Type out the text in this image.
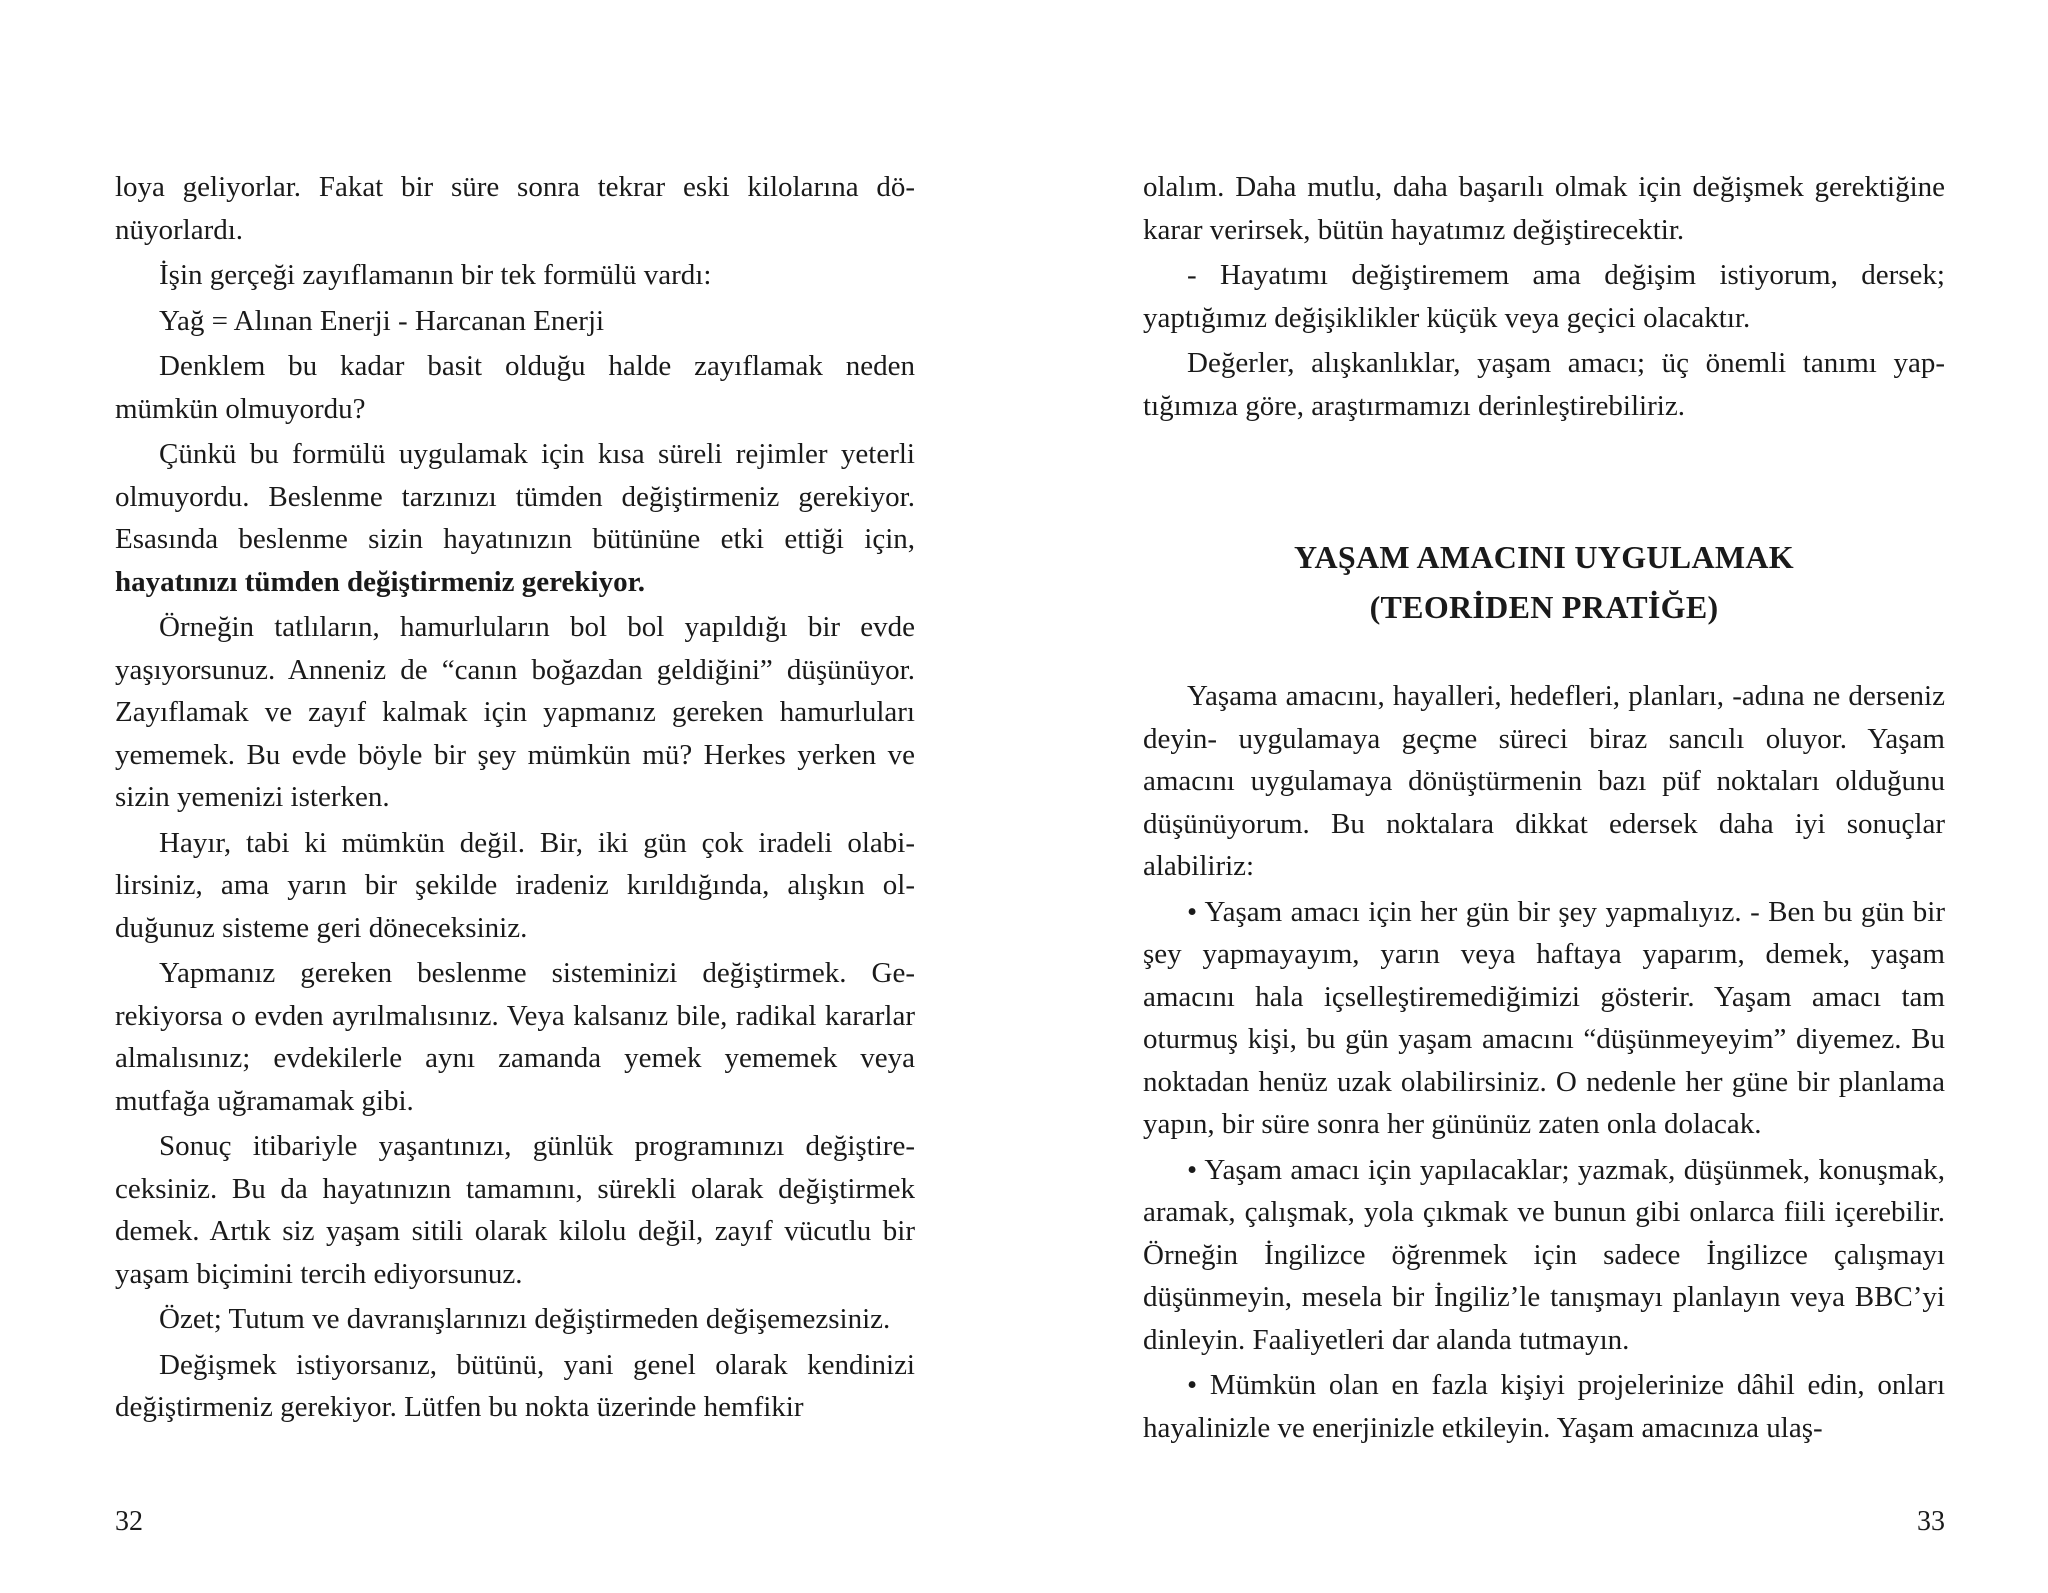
loya geliyorlar. Fakat bir süre sonra tekrar eski kilolarına dönüyorlardı.

İşin gerçeği zayıflamanın bir tek formülü vardı:

Yağ = Alınan Enerji - Harcanan Enerji

Denklem bu kadar basit olduğu halde zayıflamak neden mümkün olmuyordu?

Çünkü bu formülü uygulamak için kısa süreli rejimler yeterli olmuyordu. Beslenme tarzınızı tümden değiştirmeniz gerekiyor. Esasında beslenme sizin hayatınızın bütününe etki ettiği için, hayatınızı tümden değiştirmeniz gerekiyor.

Örneğin tatlıların, hamurluların bol bol yapıldığı bir evde yaşıyorsunuz. Anneniz de “canın boğazdan geldiğini” düşünüyor. Zayıflamak ve zayıf kalmak için yapmanız gereken hamurluları yememek. Bu evde böyle bir şey mümkün mü? Herkes yerken ve sizin yemenizi isterken.

Hayır, tabi ki mümkün değil. Bir, iki gün çok iradeli olabilirsiniz, ama yarın bir şekilde iradeniz kırıldığında, alışkın olduğunuz sisteme geri döneceksiniz.

Yapmanız gereken beslenme sisteminizi değiştirmek. Gerekiyorsa o evden ayrılmalısınız. Veya kalsanız bile, radikal kararlar almalısınız; evdekilerle aynı zamanda yemek yememek veya mutfağa uğramamak gibi.

Sonuç itibariyle yaşantınızı, günlük programınızı değiştireceksiniz. Bu da hayatınızın tamamını, sürekli olarak değiştirmek demek. Artık siz yaşam sitili olarak kilolu değil, zayıf vücutlu bir yaşam biçimini tercih ediyorsunuz.

Özet; Tutum ve davranışlarınızı değiştirmeden değişemezsiniz.

Değişmek istiyorsanız, bütünü, yani genel olarak kendinizi değiştirmeniz gerekiyor. Lütfen bu nokta üzerinde hemfikir

32

olalım. Daha mutlu, daha başarılı olmak için değişmek gerektiğine karar verirsek, bütün hayatımız değiştirecektir.

- Hayatımı değiştiremem ama değişim istiyorum, dersek; yaptığımız değişiklikler küçük veya geçici olacaktır.

Değerler, alışkanlıklar, yaşam amacı; üç önemli tanımı yaptığımıza göre, araştırmamızı derinleştirebiliriz.

YAŞAM AMACINI UYGULAMAK
(TEORİDEN PRATİĞE)

Yaşama amacını, hayalleri, hedefleri, planları, -adına ne derseniz deyin- uygulamaya geçme süreci biraz sancılı oluyor. Yaşam amacını uygulamaya dönüştürmenin bazı püf noktaları olduğunu düşünüyorum. Bu noktalara dikkat edersek daha iyi sonuçlar alabiliriz:

• Yaşam amacı için her gün bir şey yapmalıyız. - Ben bu gün bir şey yapmayayım, yarın veya haftaya yaparım, demek, yaşam amacını hala içselleştiremediğimizi gösterir. Yaşam amacı tam oturmuş kişi, bu gün yaşam amacını “düşünmeyeyim” diyemez. Bu noktadan henüz uzak olabilirsiniz. O nedenle her güne bir planlama yapın, bir süre sonra her gününüz zaten onla dolacak.

• Yaşam amacı için yapılacaklar; yazmak, düşünmek, konuşmak, aramak, çalışmak, yola çıkmak ve bunun gibi onlarca fiili içerebilir. Örneğin İngilizce öğrenmek için sadece İngilizce çalışmayı düşünmeyin, mesela bir İngiliz’le tanışmayı planlayın veya BBC’yi dinleyin. Faaliyetleri dar alanda tutmayın.

• Mümkün olan en fazla kişiyi projelerinize dâhil edin, onları hayalinizle ve enerjinizle etkileyin. Yaşam amacınıza ulaş-

33
